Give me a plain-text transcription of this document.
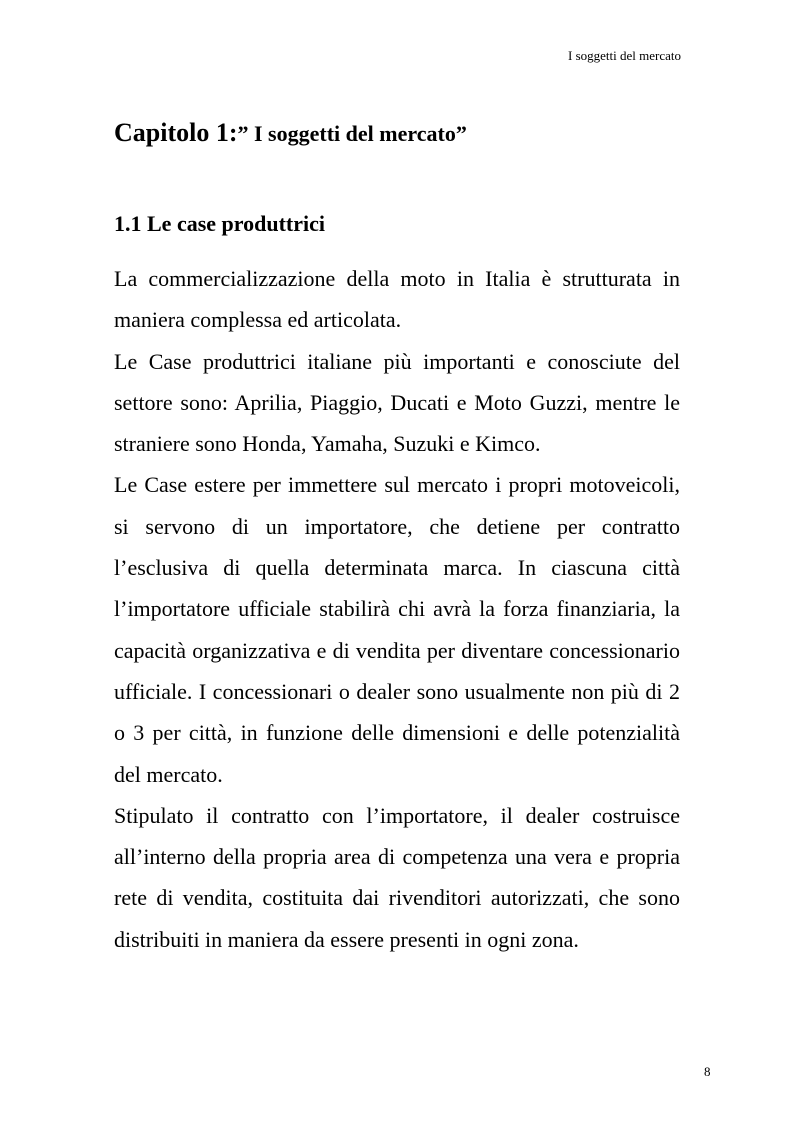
I soggetti del mercato
Capitolo 1:” I soggetti del mercato”
1.1 Le case produttrici

La commercializzazione della moto in Italia è strutturata in maniera complessa ed articolata.

Le Case produttrici italiane più importanti e conosciute del settore sono: Aprilia, Piaggio, Ducati e Moto Guzzi, mentre le straniere sono Honda, Yamaha, Suzuki e Kimco.

Le Case estere per immettere sul mercato i propri motoveicoli, si servono di un importatore, che detiene per contratto l’esclusiva di quella determinata marca. In ciascuna città l’importatore ufficiale stabilirà chi avrà la forza finanziaria, la capacità organizzativa e di vendita per diventare concessionario ufficiale. I concessionari o dealer sono usualmente non più di 2 o 3 per città, in funzione delle dimensioni e delle potenzialità del mercato.

Stipulato il contratto con l’importatore, il dealer costruisce all’interno della propria area di competenza una vera e propria rete di vendita, costituita dai rivenditori autorizzati, che sono distribuiti in maniera da essere presenti in ogni zona.

8
